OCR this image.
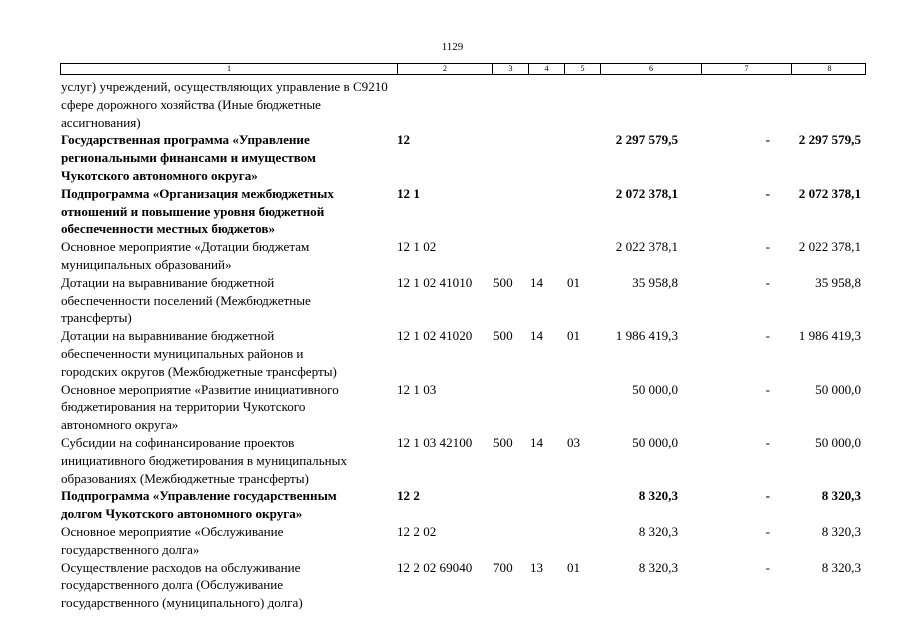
1129
1	2	3	4	5	6	7	8
услуг) учреждений, осуществляющих управление в С9210
сфере дорожного хозяйства (Иные бюджетные
ассигнования)
Государственная программа «Управление
региональными финансами и имуществом
Чукотского автономного округа»
12	2 297 579,5	- 2 297 579,5
Подпрограмма «Организация межбюджетных
отношений и повышение уровня бюджетной
обеспеченности местных бюджетов»
12 1	2 072 378,1	- 2 072 378,1
Основное мероприятие «Дотации бюджетам
муниципальных образований»
12 1 02	2 022 378,1	- 2 022 378,1
Дотации на выравнивание бюджетной
обеспеченности поселений (Межбюджетные
трансферты)
12 1 02 41010 500 14 01	35 958,8	-	35 958,8
Дотации на выравнивание бюджетной
обеспеченности муниципальных районов и
городских округов (Межбюджетные трансферты)
12 1 02 41020 500 14 01	1 986 419,3	- 1 986 419,3
Основное мероприятие «Развитие инициативного
бюджетирования на территории Чукотского
автономного округа»
12 1 03	50 000,0	-	50 000,0
Субсидии на софинансирование проектов
инициативного бюджетирования в муниципальных
образованиях (Межбюджетные трансферты)
12 1 03 42100 500 14 03	50 000,0	-	50 000,0
Подпрограмма «Управление государственным
долгом Чукотского автономного округа»
12 2	8 320,3	-	8 320,3
Основное мероприятие «Обслуживание
государственного долга»
12 2 02	8 320,3	-	8 320,3
Осуществление расходов на обслуживание
государственного долга (Обслуживание
государственного (муниципального) долга)
12 2 02 69040 700 13 01	8 320,3	-	8 320,3
